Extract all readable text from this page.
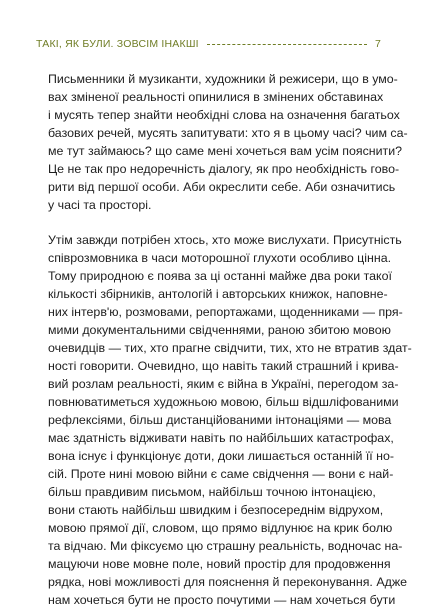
ТАКІ, ЯК БУЛИ. ЗОВСІМ ІНАКШІ	7

Письменники й музиканти, художники й режисери, що в умо-
вах зміненої реальності опинилися в змінених обставинах
і мусять тепер знайти необхідні слова на означення багатьох
базових речей, мусять запитувати: хто я в цьому часі? чим са-
ме тут займаюсь? що саме мені хочеться вам усім пояснити?
Це не так про недоречність діалогу, як про необхідність гово-
рити від першої особи. Аби окреслити себе. Аби означитись
у часі та просторі.

Утім завжди потрібен хтось, хто може вислухати. Присутність
співрозмовника в часи моторошної глухоти особливо цінна.
Тому природною є поява за ці останні майже два роки такої
кількості збірників, антологій і авторських книжок, наповне-
них інтерв'ю, розмовами, репортажами, щоденниками — пря-
мими документальними свідченнями, раною збитою мовою
очевидців — тих, хто прагне свідчити, тих, хто не втратив здат-
ності говорити. Очевидно, що навіть такий страшний і крива-
вий розлам реальності, яким є війна в Україні, перегодом за-
повнюватиметься художньою мовою, більш відшліфованими
рефлексіями, більш дистанційованими інтонаціями — мова
має здатність відживати навіть по найбільших катастрофах,
вона існує і функціонує доти, доки лишається останній її но-
сій. Проте нині мовою війни є саме свідчення — вони є най-
більш правдивим письмом, найбільш точною інтонацією,
вони стають найбільш швидким і безпосереднім відрухом,
мовою прямої дії, словом, що прямо відлунює на крик болю
та відчаю. Ми фіксуємо цю страшну реальність, водночас на-
мацуючи нове мовне поле, новий простір для продовження
рядка, нові можливості для пояснення й переконування. Адже
нам хочеться бути не просто почутими — нам хочеться бути
